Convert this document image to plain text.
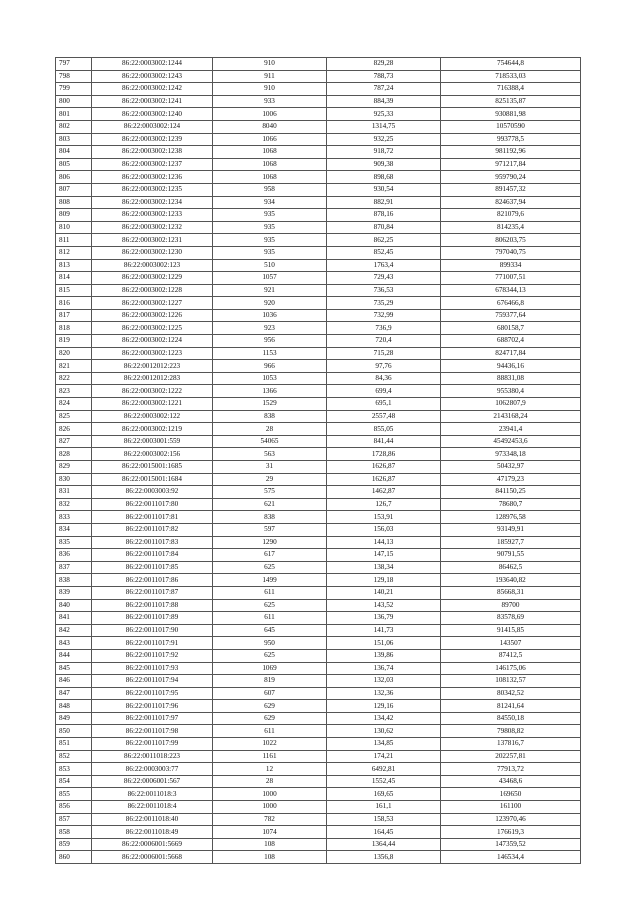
797	86:22:0003002:1244	910	829,28	754644,8
798	86:22:0003002:1243	911	788,73	718533,03
799	86:22:0003002:1242	910	787,24	716388,4
800	86:22:0003002:1241	933	884,39	825135,87
801	86:22:0003002:1240	1006	925,33	930881,98
802	86:22:0003002:124	8040	1314,75	10570590
803	86:22:0003002:1239	1066	932,25	993778,5
804	86:22:0003002:1238	1068	918,72	981192,96
805	86:22:0003002:1237	1068	909,38	971217,84
806	86:22:0003002:1236	1068	898,68	959790,24
807	86:22:0003002:1235	958	930,54	891457,32
808	86:22:0003002:1234	934	882,91	824637,94
809	86:22:0003002:1233	935	878,16	821079,6
810	86:22:0003002:1232	935	870,84	814235,4
811	86:22:0003002:1231	935	862,25	806203,75
812	86:22:0003002:1230	935	852,45	797040,75
813	86:22:0003002:123	510	1763,4	899334
814	86:22:0003002:1229	1057	729,43	771007,51
815	86:22:0003002:1228	921	736,53	678344,13
816	86:22:0003002:1227	920	735,29	676466,8
817	86:22:0003002:1226	1036	732,99	759377,64
818	86:22:0003002:1225	923	736,9	680158,7
819	86:22:0003002:1224	956	720,4	688702,4
820	86:22:0003002:1223	1153	715,28	824717,84
821	86:22:0012012:223	966	97,76	94436,16
822	86:22:0012012:283	1053	84,36	88831,08
823	86:22:0003002:1222	1366	699,4	955380,4
824	86:22:0003002:1221	1529	695,1	1062807,9
825	86:22:0003002:122	838	2557,48	2143168,24
826	86:22:0003002:1219	28	855,05	23941,4
827	86:22:0003001:559	54065	841,44	45492453,6
828	86:22:0003002:156	563	1728,86	973348,18
829	86:22:0015001:1685	31	1626,87	50432,97
830	86:22:0015001:1684	29	1626,87	47179,23
831	86:22:0003003:92	575	1462,87	841150,25
832	86:22:0011017:80	621	126,7	78680,7
833	86:22:0011017:81	838	153,91	128976,58
834	86:22:0011017:82	597	156,03	93149,91
835	86:22:0011017:83	1290	144,13	185927,7
836	86:22:0011017:84	617	147,15	90791,55
837	86:22:0011017:85	625	138,34	86462,5
838	86:22:0011017:86	1499	129,18	193640,82
839	86:22:0011017:87	611	140,21	85668,31
840	86:22:0011017:88	625	143,52	89700
841	86:22:0011017:89	611	136,79	83578,69
842	86:22:0011017:90	645	141,73	91415,85
843	86:22:0011017:91	950	151,06	143507
844	86:22:0011017:92	625	139,86	87412,5
845	86:22:0011017:93	1069	136,74	146175,06
846	86:22:0011017:94	819	132,03	108132,57
847	86:22:0011017:95	607	132,36	80342,52
848	86:22:0011017:96	629	129,16	81241,64
849	86:22:0011017:97	629	134,42	84550,18
850	86:22:0011017:98	611	130,62	79808,82
851	86:22:0011017:99	1022	134,85	137816,7
852	86:22:0011018:223	1161	174,21	202257,81
853	86:22:0003003:77	12	6492,81	77913,72
854	86:22:0006001:567	28	1552,45	43468,6
855	86:22:0011018:3	1000	169,65	169650
856	86:22:0011018:4	1000	161,1	161100
857	86:22:0011018:40	782	158,53	123970,46
858	86:22:0011018:49	1074	164,45	176619,3
859	86:22:0006001:5669	108	1364,44	147359,52
860	86:22:0006001:5668	108	1356,8	146534,4
